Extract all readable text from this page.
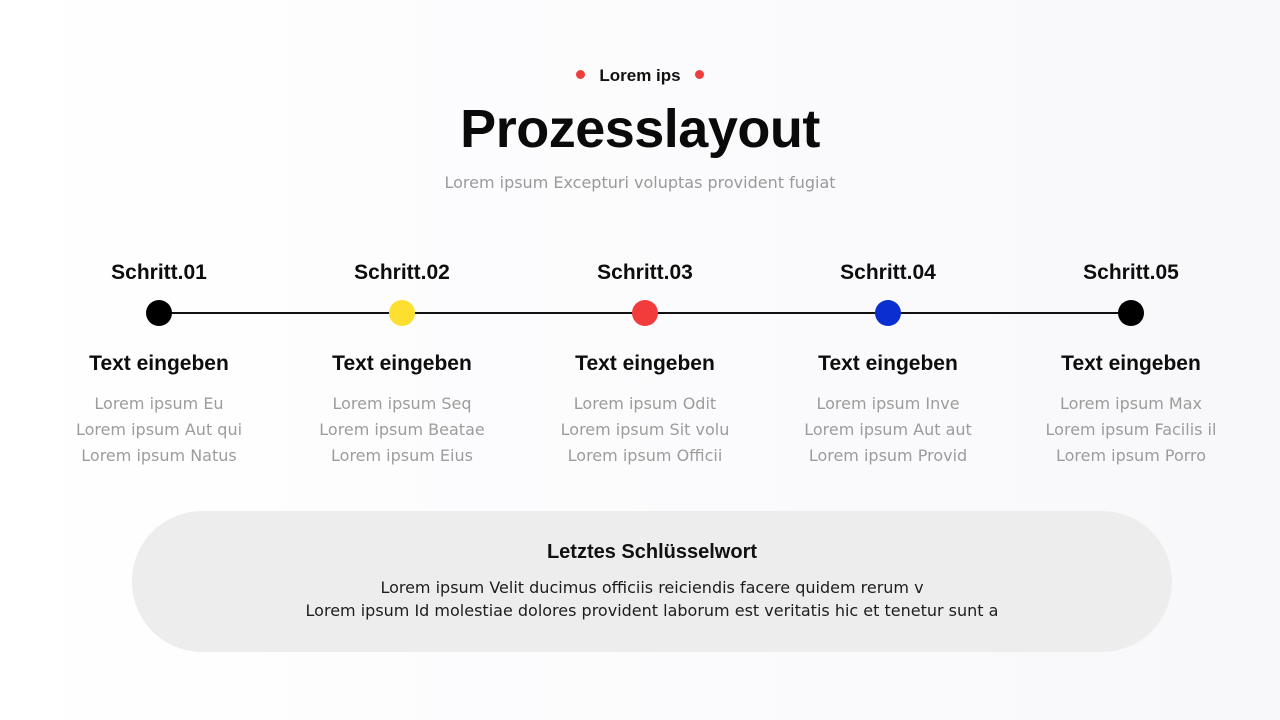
Lorem ips
Prozesslayout
Lorem ipsum Excepturi voluptas provident fugiat
Schritt.01
Text eingeben
Lorem ipsum Eu
Lorem ipsum Aut qui
Lorem ipsum Natus
Schritt.02
Text eingeben
Lorem ipsum Seq
Lorem ipsum Beatae
Lorem ipsum Eius
Schritt.03
Text eingeben
Lorem ipsum Odit
Lorem ipsum Sit volu
Lorem ipsum Officii
Schritt.04
Text eingeben
Lorem ipsum Inve
Lorem ipsum Aut aut
Lorem ipsum Provid
Schritt.05
Text eingeben
Lorem ipsum Max
Lorem ipsum Facilis il
Lorem ipsum Porro
Letztes Schlüsselwort
Lorem ipsum Velit ducimus officiis reiciendis facere quidem rerum v
Lorem ipsum Id molestiae dolores provident laborum est veritatis hic et tenetur sunt a
